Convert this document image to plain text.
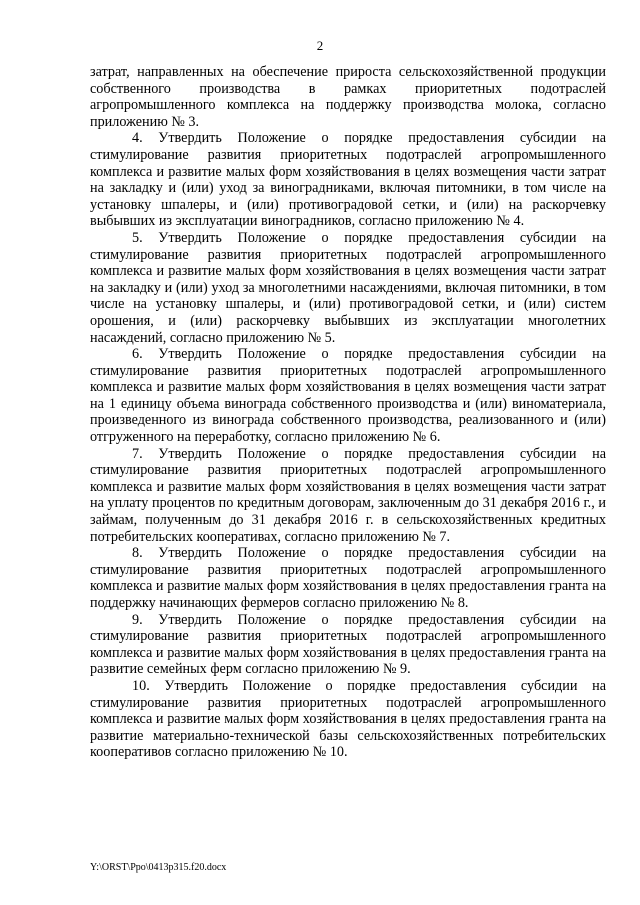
2

затрат, направленных на обеспечение прироста сельскохозяйственной продукции собственного производства в рамках приоритетных подотраслей агропромышленного комплекса на поддержку производства молока, согласно приложению № 3.

4. Утвердить Положение о порядке предоставления субсидии на стимулирование развития приоритетных подотраслей агропромышленного комплекса и развитие малых форм хозяйствования в целях возмещения части затрат на закладку и (или) уход за виноградниками, включая питомники, в том числе на установку шпалеры, и (или) противоградовой сетки, и (или) на раскорчевку выбывших из эксплуатации виноградников, согласно приложению № 4.

5. Утвердить Положение о порядке предоставления субсидии на стимулирование развития приоритетных подотраслей агропромышленного комплекса и развитие малых форм хозяйствования в целях возмещения части затрат на закладку и (или) уход за многолетними насаждениями, включая питомники, в том числе на установку шпалеры, и (или) противоградовой сетки, и (или) систем орошения, и (или) раскорчевку выбывших из эксплуатации многолетних насаждений, согласно приложению № 5.

6. Утвердить Положение о порядке предоставления субсидии на стимулирование развития приоритетных подотраслей агропромышленного комплекса и развитие малых форм хозяйствования в целях возмещения части затрат на 1 единицу объема винограда собственного производства и (или) виноматериала, произведенного из винограда собственного производства, реализованного и (или) отгруженного на переработку, согласно приложению № 6.

7. Утвердить Положение о порядке предоставления субсидии на стимулирование развития приоритетных подотраслей агропромышленного комплекса и развитие малых форм хозяйствования в целях возмещения части затрат на уплату процентов по кредитным договорам, заключенным до 31 декабря 2016 г., и займам, полученным до 31 декабря 2016 г. в сельскохозяйственных кредитных потребительских кооперативах, согласно приложению № 7.

8. Утвердить Положение о порядке предоставления субсидии на стимулирование развития приоритетных подотраслей агропромышленного комплекса и развитие малых форм хозяйствования в целях предоставления гранта на поддержку начинающих фермеров согласно приложению № 8.

9. Утвердить Положение о порядке предоставления субсидии на стимулирование развития приоритетных подотраслей агропромышленного комплекса и развитие малых форм хозяйствования в целях предоставления гранта на развитие семейных ферм согласно приложению № 9.

10. Утвердить Положение о порядке предоставления субсидии на стимулирование развития приоритетных подотраслей агропромышленного комплекса и развитие малых форм хозяйствования в целях предоставления гранта на развитие материально-технической базы сельскохозяйственных потребительских кооперативов согласно приложению № 10.

Y:\ORST\Ppo\0413p315.f20.docx
